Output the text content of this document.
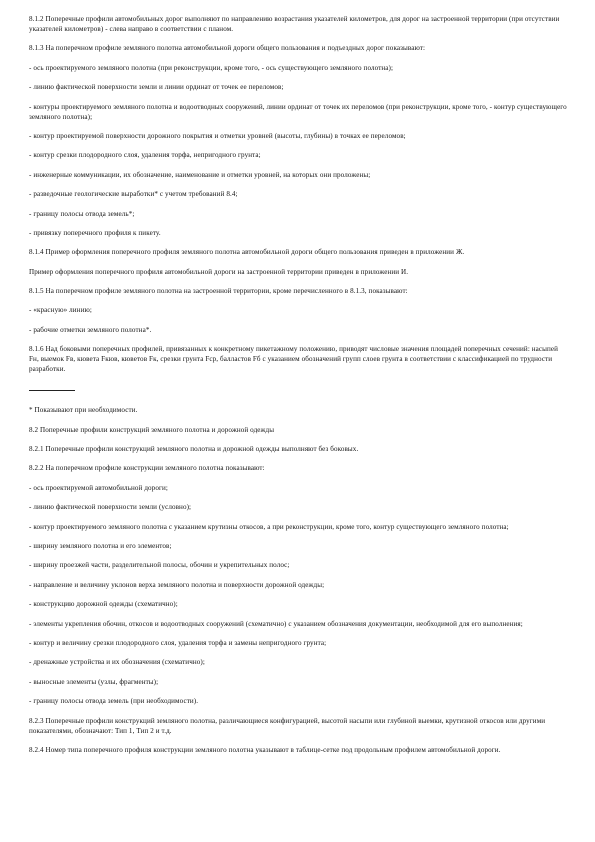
8.1.2 Поперечные профили автомобильных дорог выполняют по направлению возрастания указателей километров, для дорог на застроенной территории (при отсутствии указателей километров) - слева направо в соответствии с планом.

8.1.3 На поперечном профиле земляного полотна автомобильной дороги общего пользования и подъездных дорог показывают:

- ось проектируемого земляного полотна (при реконструкции, кроме того, - ось существующего земляного полотна);

- линию фактической поверхности земли и линии ординат от точек ее переломов;

- контуры проектируемого земляного полотна и водоотводных сооружений, линии ординат от точек их переломов (при реконструкции, кроме того, - контур существующего земляного полотна);

- контур проектируемой поверхности дорожного покрытия и отметки уровней (высоты, глубины) в точках ее переломов;

- контур срезки плодородного слоя, удаления торфа, непригодного грунта;

- инженерные коммуникации, их обозначение, наименование и отметки уровней, на которых они проложены;

- разведочные геологические выработки* с учетом требований 8.4;

- границу полосы отвода земель*;

- привязку поперечного профиля к пикету.

8.1.4 Пример оформления поперечного профиля земляного полотна автомобильной дороги общего пользования приведен в приложении Ж.

Пример оформления поперечного профиля автомобильной дороги на застроенной территории приведен в приложении И.

8.1.5 На поперечном профиле земляного полотна на застроенной территории, кроме перечисленного в 8.1.3, показывают:

- «красную» линию;

- рабочие отметки земляного полотна*.

8.1.6 Над боковыми поперечных профилей, привязанных к конкретному пикетажному положению, приводят числовые значения площадей поперечных сечений: насыпей Fн, выемок Fв, кювета Fкюв, кюветов Fк, срезки грунта Fср, балластов Fб с указанием обозначений групп слоев грунта в соответствии с классификацией по трудности разработки.

* Показывают при необходимости.

8.2 Поперечные профили конструкций земляного полотна и дорожной одежды

8.2.1 Поперечные профили конструкций земляного полотна и дорожной одежды выполняют без боковых.

8.2.2 На поперечном профиле конструкции земляного полотна показывают:

- ось проектируемой автомобильной дороги;

- линию фактической поверхности земли (условно);

- контур проектируемого земляного полотна с указанием крутизны откосов, а при реконструкции, кроме того, контур существующего земляного полотна;

- ширину земляного полотна и его элементов;

- ширину проезжей части, разделительной полосы, обочин и укрепительных полос;

- направление и величину уклонов верха земляного полотна и поверхности дорожной одежды;

- конструкцию дорожной одежды (схематично);

- элементы укрепления обочин, откосов и водоотводных сооружений (схематично) с указанием обозначения документации, необходимой для его выполнения;

- контур и величину срезки плодородного слоя, удаления торфа и замены непригодного грунта;

- дренажные устройства и их обозначения (схематично);

- выносные элементы (узлы, фрагменты);

- границу полосы отвода земель (при необходимости).

8.2.3 Поперечные профили конструкций земляного полотна, различающиеся конфигурацией, высотой насыпи или глубиной выемки, крутизной откосов или другими показателями, обозначают: Тип 1, Тип 2 и т.д.

8.2.4 Номер типа поперечного профиля конструкции земляного полотна указывают в таблице-сетке под продольным профилем автомобильной дороги.
